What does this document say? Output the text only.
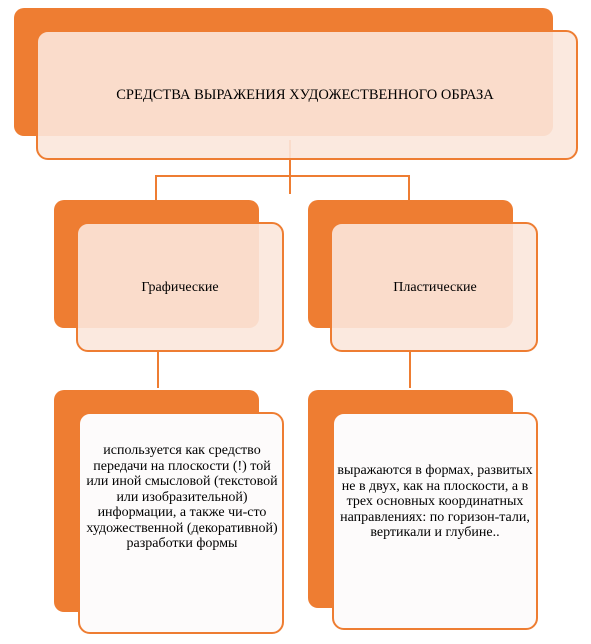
СРЕДСТВА ВЫРАЖЕНИЯ ХУДОЖЕСТВЕННОГО ОБРАЗА
Графические	Пластические
используется как средство передачи на плоскости (!) той или иной смысловой (текстовой или изобразительной) информации, а также чи-сто художественной (декоративной) разработки формы
выражаются в формах, развитых не в двух, как на плоскости, а в трех основных координатных направлениях: по горизон-тали, вертикали и глубине..
